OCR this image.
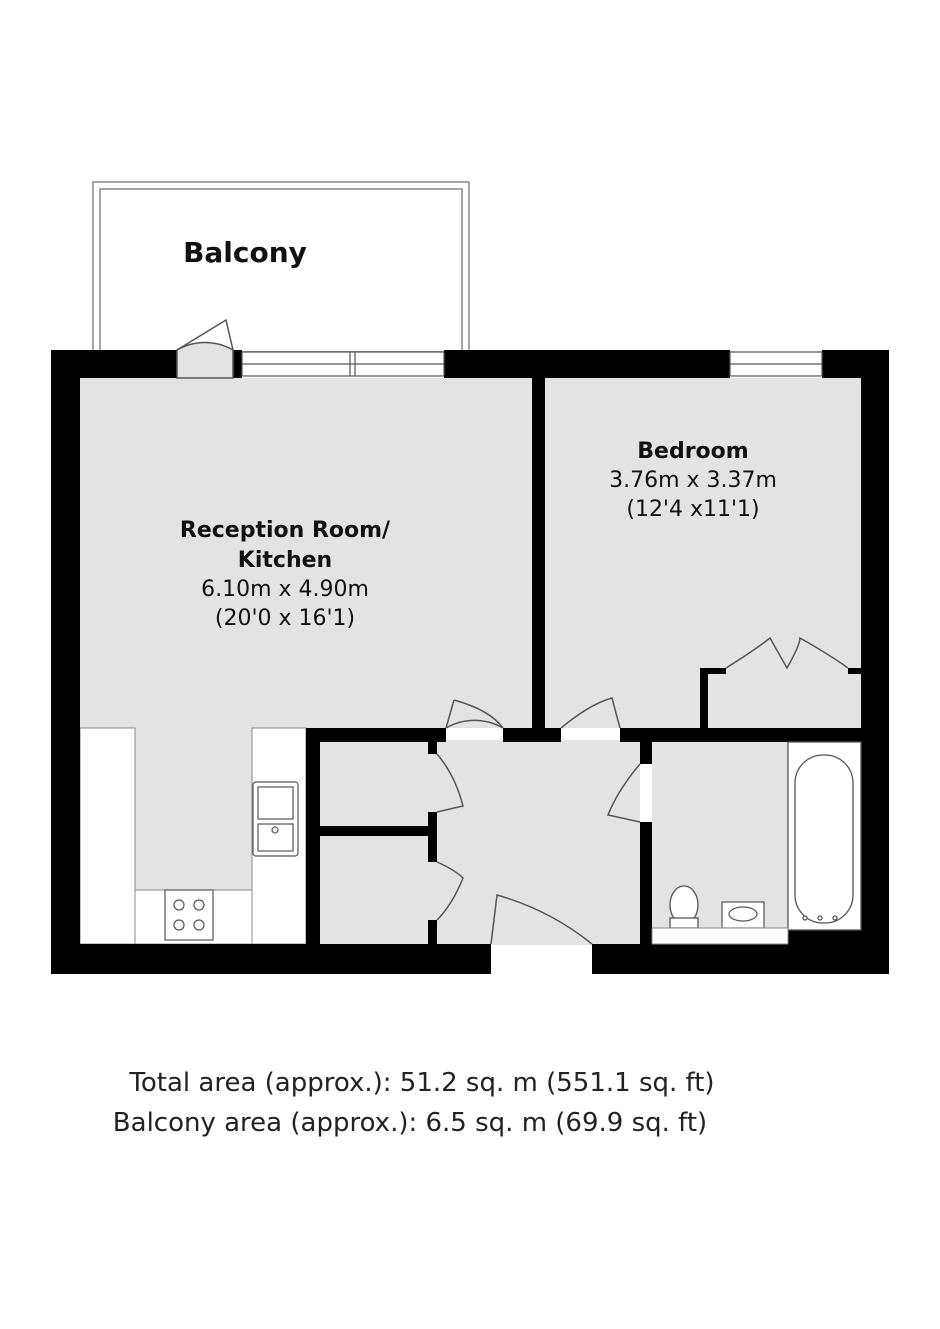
Balcony
Reception Room/
Kitchen
6.10m x 4.90m
(20'0 x 16'1)
Bedroom
3.76m x 3.37m
(12'4 x11'1)
Total area (approx.): 51.2 sq. m (551.1 sq. ft)
Balcony area (approx.): 6.5 sq. m (69.9 sq. ft)
